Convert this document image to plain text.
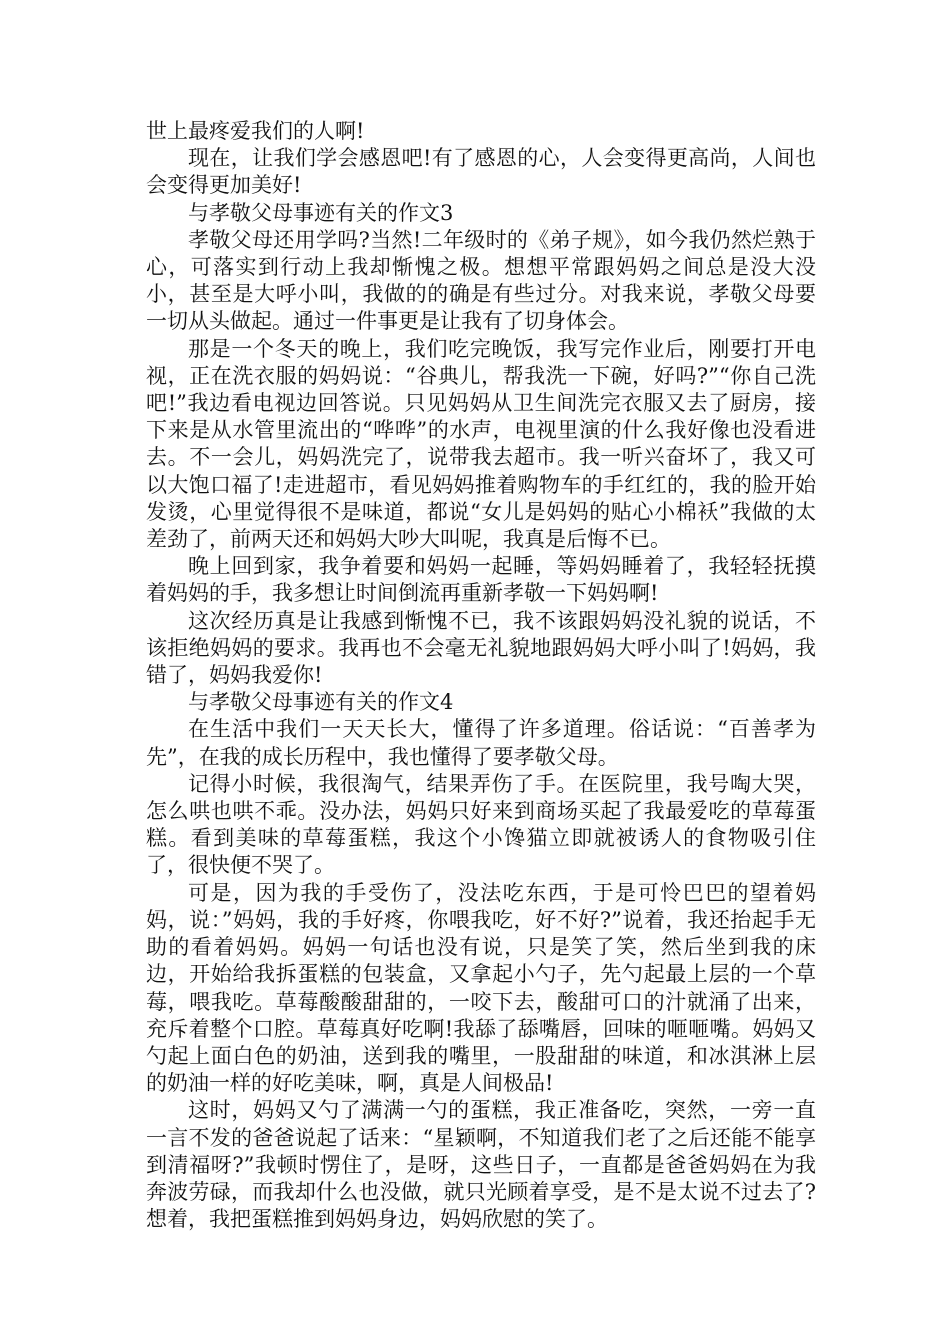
世上最疼爱我们的人啊!

现在，让我们学会感恩吧!有了感恩的心，人会变得更高尚，人间也会变得更加美好!

与孝敬父母事迹有关的作文3

孝敬父母还用学吗?当然!二年级时的《弟子规》，如今我仍然烂熟于心，可落实到行动上我却惭愧之极。想想平常跟妈妈之间总是没大没小，甚至是大呼小叫，我做的的确是有些过分。对我来说，孝敬父母要一切从头做起。通过一件事更是让我有了切身体会。

那是一个冬天的晚上，我们吃完晚饭，我写完作业后，刚要打开电视，正在洗衣服的妈妈说：“谷典儿，帮我洗一下碗，好吗?”“你自己洗吧!”我边看电视边回答说。只见妈妈从卫生间洗完衣服又去了厨房，接下来是从水管里流出的“哗哗”的水声，电视里演的什么我好像也没看进去。不一会儿，妈妈洗完了，说带我去超市。我一听兴奋坏了，我又可以大饱口福了!走进超市，看见妈妈推着购物车的手红红的，我的脸开始发烫，心里觉得很不是味道，都说“女儿是妈妈的贴心小棉袄”我做的太差劲了，前两天还和妈妈大吵大叫呢，我真是后悔不已。

晚上回到家，我争着要和妈妈一起睡，等妈妈睡着了，我轻轻抚摸着妈妈的手，我多想让时间倒流再重新孝敬一下妈妈啊!

这次经历真是让我感到惭愧不已，我不该跟妈妈没礼貌的说话，不该拒绝妈妈的要求。我再也不会毫无礼貌地跟妈妈大呼小叫了!妈妈，我错了，妈妈我爱你!

与孝敬父母事迹有关的作文4

在生活中我们一天天长大，懂得了许多道理。俗话说：“百善孝为先”，在我的成长历程中，我也懂得了要孝敬父母。

记得小时候，我很淘气，结果弄伤了手。在医院里，我号啕大哭，怎么哄也哄不乖。没办法，妈妈只好来到商场买起了我最爱吃的草莓蛋糕。看到美味的草莓蛋糕，我这个小馋猫立即就被诱人的食物吸引住了，很快便不哭了。

可是，因为我的手受伤了，没法吃东西，于是可怜巴巴的望着妈妈，说：”妈妈，我的手好疼，你喂我吃，好不好?”说着，我还抬起手无助的看着妈妈。妈妈一句话也没有说，只是笑了笑，然后坐到我的床边，开始给我拆蛋糕的包装盒，又拿起小勺子，先勺起最上层的一个草莓，喂我吃。草莓酸酸甜甜的，一咬下去，酸甜可口的汁就涌了出来，充斥着整个口腔。草莓真好吃啊!我舔了舔嘴唇，回味的咂咂嘴。妈妈又勺起上面白色的奶油，送到我的嘴里，一股甜甜的味道，和冰淇淋上层的奶油一样的好吃美味，啊，真是人间极品!

这时，妈妈又勺了满满一勺的蛋糕，我正准备吃，突然，一旁一直一言不发的爸爸说起了话来：“星颖啊，不知道我们老了之后还能不能享到清福呀?”我顿时愣住了，是呀，这些日子，一直都是爸爸妈妈在为我奔波劳碌，而我却什么也没做，就只光顾着享受，是不是太说不过去了?想着，我把蛋糕推到妈妈身边，妈妈欣慰的笑了。
